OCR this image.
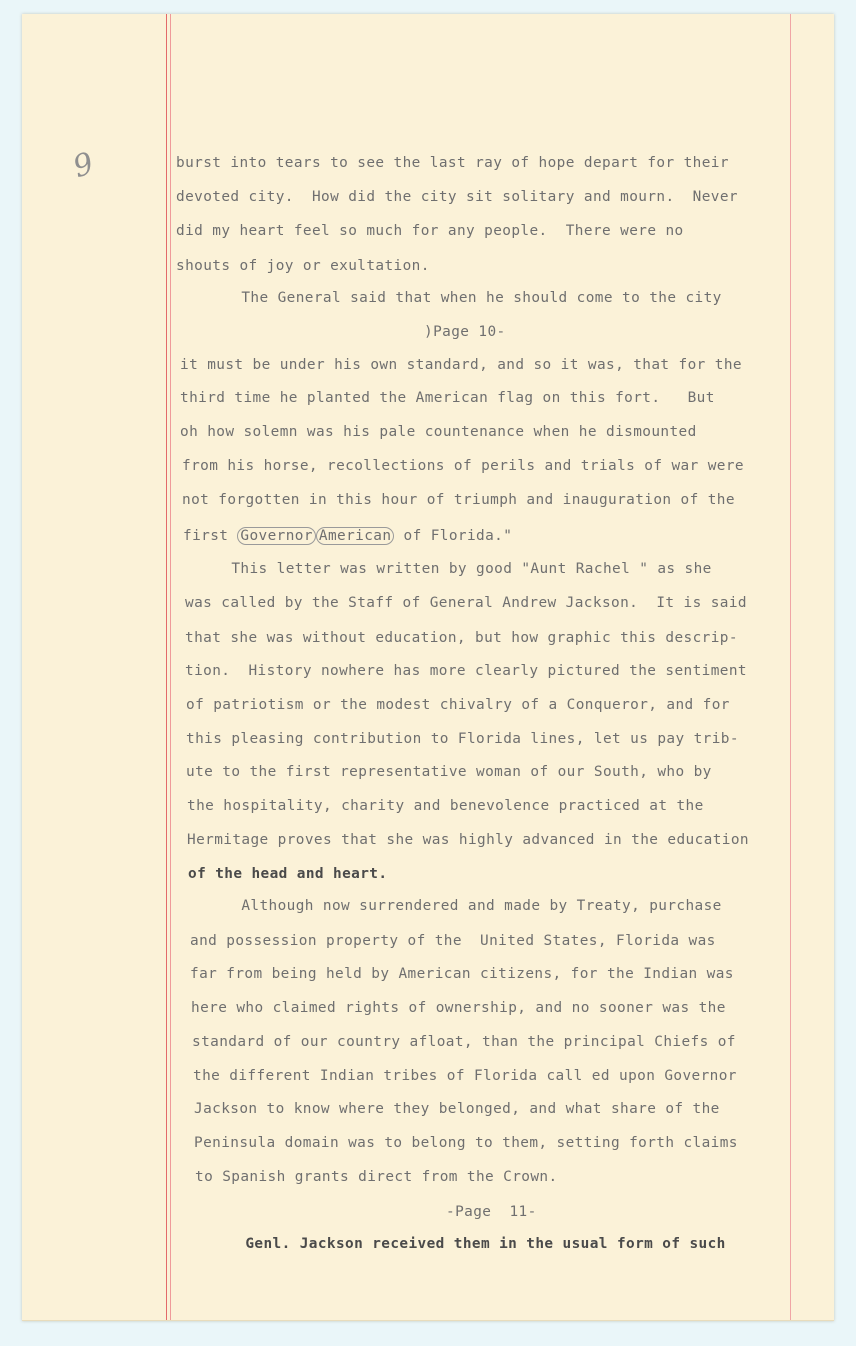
9	burst into tears to see the last ray of hope depart for their
devoted city.  How did the city sit solitary and mourn.  Never
did my heart feel so much for any people.  There were no
shouts of joy or exultation.
The General said that when he should come to the city
)Page 10-
it must be under his own standard, and so it was, that for the
third time he planted the American flag on this fort.   But
oh how solemn was his pale countenance when he dismounted
from his horse, recollections of perils and trials of war were
not forgotten in this hour of triumph and inauguration of the
first Governor American of Florida."
This letter was written by good "Aunt Rachel " as she
was called by the Staff of General Andrew Jackson.  It is said
that she was without education, but how graphic this descrip-
tion.  History nowhere has more clearly pictured the sentiment
of patriotism or the modest chivalry of a Conqueror, and for
this pleasing contribution to Florida lines, let us pay trib-
ute to the first representative woman of our South, who by
the hospitality, charity and benevolence practiced at the
Hermitage proves that she was highly advanced in the education
of the head and heart.
Although now surrendered and made by Treaty, purchase
and possession property of the  United States, Florida was
far from being held by American citizens, for the Indian was
here who claimed rights of ownership, and no sooner was the
standard of our country afloat, than the principal Chiefs of
the different Indian tribes of Florida call ed upon Governor
Jackson to know where they belonged, and what share of the
Peninsula domain was to belong to them, setting forth claims
to Spanish grants direct from the Crown.
-Page  11-
Genl. Jackson received them in the usual form of such
